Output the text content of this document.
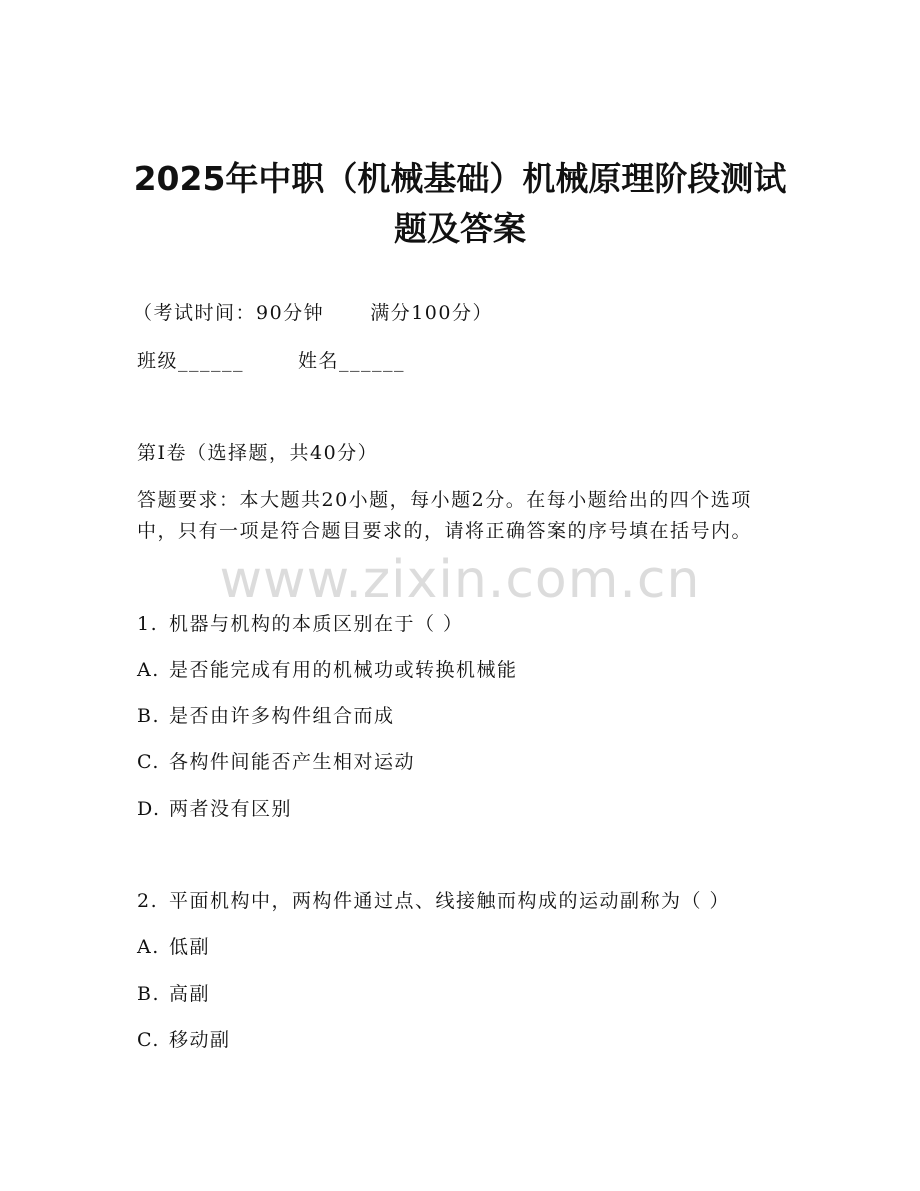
2025年中职（机械基础）机械原理阶段测试
题及答案
（考试时间：90分钟 满分100分）
班级______	姓名______
第Ⅰ卷（选择题，共40分）
答题要求：本大题共20小题，每小题2分。在每小题给出的四个选项
中，只有一项是符合题目要求的，请将正确答案的序号填在括号内。
www.zixin.com.cn
1. 机器与机构的本质区别在于（ ）
A. 是否能完成有用的机械功或转换机械能
B. 是否由许多构件组合而成
C. 各构件间能否产生相对运动
D. 两者没有区别
2. 平面机构中，两构件通过点、线接触而构成的运动副称为（ ）
A. 低副
B. 高副
C. 移动副
